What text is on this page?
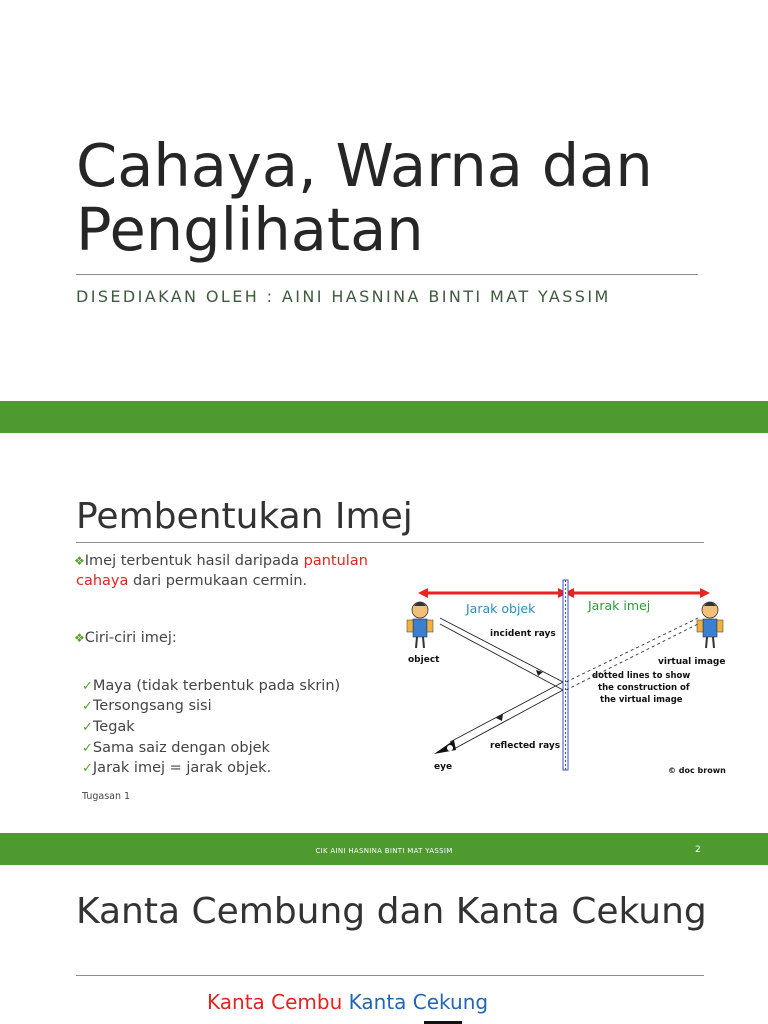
Cahaya, Warna dan Penglihatan
DISEDIAKAN OLEH : AINI HASNINA BINTI MAT YASSIM
Pembentukan Imej
❖Imej terbentuk hasil daripada pantulan
cahaya dari permukaan cermin.
❖Ciri-ciri imej:
✓Maya (tidak terbentuk pada skrin)
✓Tersongsang sisi
✓Tegak
✓Sama saiz dengan objek
✓Jarak imej = jarak objek.
Tugasan 1
Jarak objek	Jarak imej
object	virtual image
incident rays
dotted lines to show
the construction of
the virtual image
reflected rays
eye	© doc brown
CIK AINI HASNINA BINTI MAT YASSIM	2
Kanta Cembung dan Kanta Cekung
Kanta Cembu Kanta Cekung
